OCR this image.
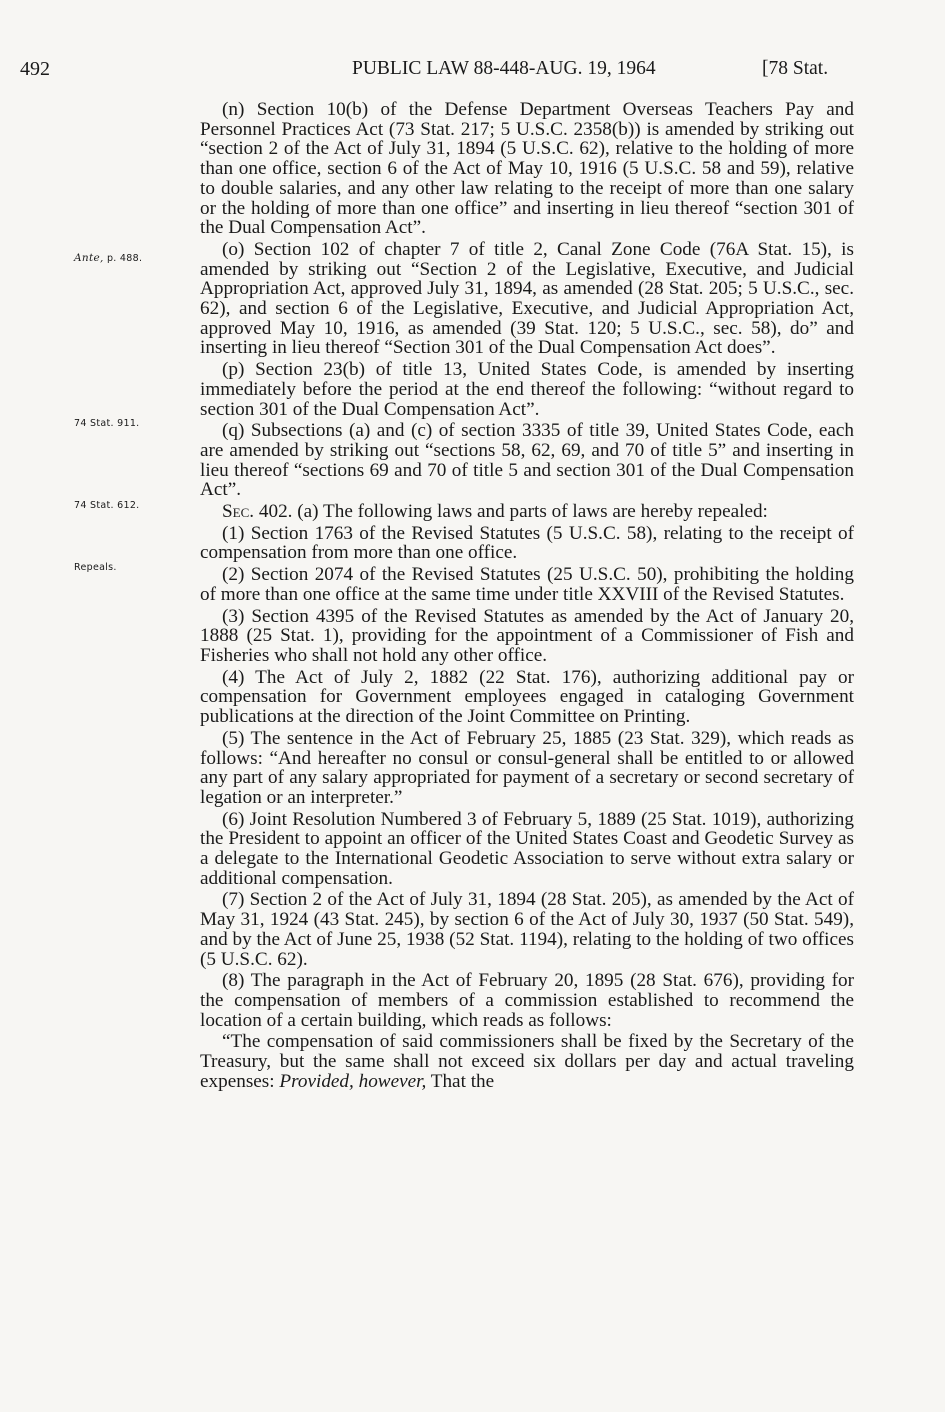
492	PUBLIC LAW 88-448-AUG. 19, 1964	[78 Stat.
Ante, p. 488.
74 Stat. 911.
74 Stat. 612.
Repeals.

(n) Section 10(b) of the Defense Department Overseas Teachers Pay and Personnel Practices Act (73 Stat. 217; 5 U.S.C. 2358(b)) is amended by striking out “section 2 of the Act of July 31, 1894 (5 U.S.C. 62), relative to the holding of more than one office, section 6 of the Act of May 10, 1916 (5 U.S.C. 58 and 59), relative to double salaries, and any other law relating to the receipt of more than one salary or the holding of more than one office” and inserting in lieu thereof “section 301 of the Dual Compensation Act”.

(o) Section 102 of chapter 7 of title 2, Canal Zone Code (76A Stat. 15), is amended by striking out “Section 2 of the Legislative, Executive, and Judicial Appropriation Act, approved July 31, 1894, as amended (28 Stat. 205; 5 U.S.C., sec. 62), and section 6 of the Legislative, Executive, and Judicial Appropriation Act, approved May 10, 1916, as amended (39 Stat. 120; 5 U.S.C., sec. 58), do” and inserting in lieu thereof “Section 301 of the Dual Compensation Act does”.

(p) Section 23(b) of title 13, United States Code, is amended by inserting immediately before the period at the end thereof the following: “without regard to section 301 of the Dual Compensation Act”.

(q) Subsections (a) and (c) of section 3335 of title 39, United States Code, each are amended by striking out “sections 58, 62, 69, and 70 of title 5” and inserting in lieu thereof “sections 69 and 70 of title 5 and section 301 of the Dual Compensation Act”.

Sec. 402. (a) The following laws and parts of laws are hereby repealed:

(1) Section 1763 of the Revised Statutes (5 U.S.C. 58), relating to the receipt of compensation from more than one office.

(2) Section 2074 of the Revised Statutes (25 U.S.C. 50), prohibiting the holding of more than one office at the same time under title XXVIII of the Revised Statutes.

(3) Section 4395 of the Revised Statutes as amended by the Act of January 20, 1888 (25 Stat. 1), providing for the appointment of a Commissioner of Fish and Fisheries who shall not hold any other office.

(4) The Act of July 2, 1882 (22 Stat. 176), authorizing additional pay or compensation for Government employees engaged in cataloging Government publications at the direction of the Joint Committee on Printing.

(5) The sentence in the Act of February 25, 1885 (23 Stat. 329), which reads as follows: “And hereafter no consul or consul-general shall be entitled to or allowed any part of any salary appropriated for payment of a secretary or second secretary of legation or an interpreter.”

(6) Joint Resolution Numbered 3 of February 5, 1889 (25 Stat. 1019), authorizing the President to appoint an officer of the United States Coast and Geodetic Survey as a delegate to the International Geodetic Association to serve without extra salary or additional compensation.

(7) Section 2 of the Act of July 31, 1894 (28 Stat. 205), as amended by the Act of May 31, 1924 (43 Stat. 245), by section 6 of the Act of July 30, 1937 (50 Stat. 549), and by the Act of June 25, 1938 (52 Stat. 1194), relating to the holding of two offices (5 U.S.C. 62).

(8) The paragraph in the Act of February 20, 1895 (28 Stat. 676), providing for the compensation of members of a commission established to recommend the location of a certain building, which reads as follows:

“The compensation of said commissioners shall be fixed by the Secretary of the Treasury, but the same shall not exceed six dollars per day and actual traveling expenses: Provided, however, That the
